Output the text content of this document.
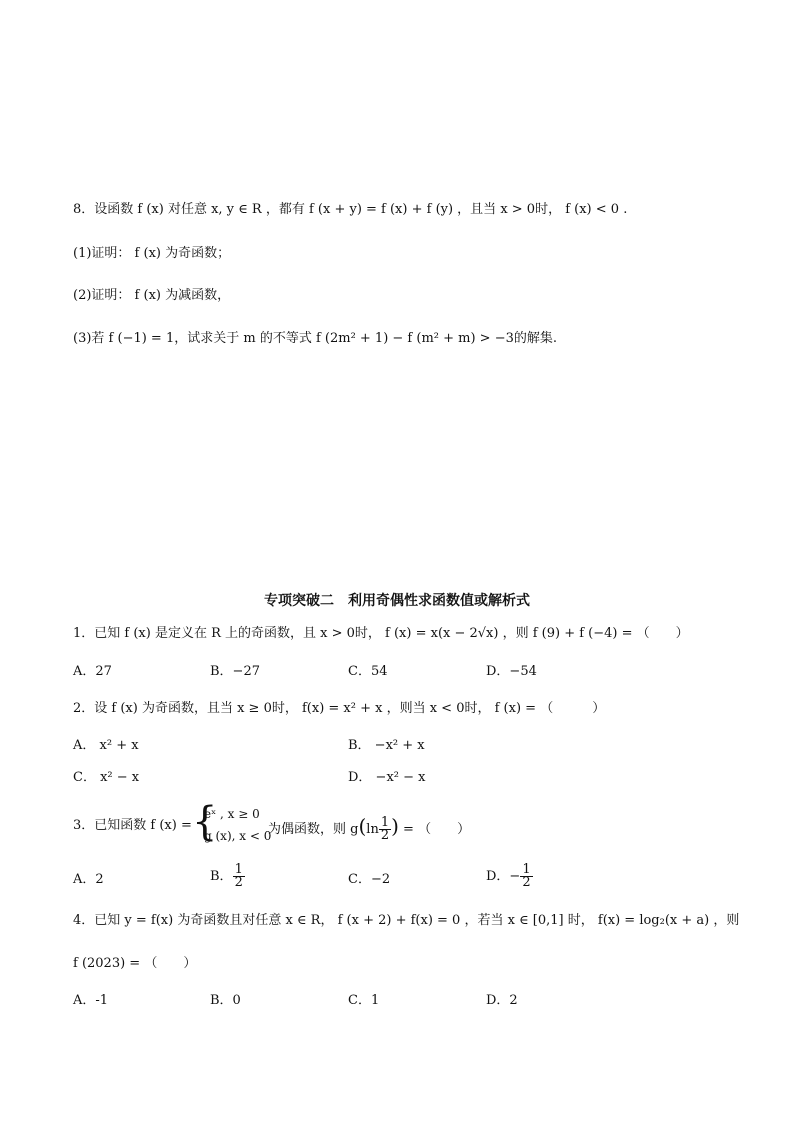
8．设函数 f (x) 对任意 x, y ∈ R ，都有 f (x + y) = f (x) + f (y) ，且当 x > 0时， f (x) < 0 .
(1)证明： f (x) 为奇函数；
(2)证明： f (x) 为减函数，
(3)若 f (−1) = 1，试求关于 m 的不等式 f (2m² + 1) − f (m² + m) > −3的解集.
专项突破二　利用奇偶性求函数值或解析式
1．已知 f (x) 是定义在 R 上的奇函数，且 x > 0时， f (x) = x(x − 2√x) ，则 f (9) + f (−4) = （　　）
A．27	B．−27	C．54	D．−54
2．设 f (x) 为奇函数，且当 x ≥ 0时， f(x) = x² + x ，则当 x < 0时， f (x) = （　　　）
A． x² + x	B． −x² + x
C． x² − x	D． −x² − x
3．已知函数 f (x) = {
eˣ , x ≥ 0
g (x), x < 0
为偶函数，则 $g(\ln \frac{1}{2}$ ) = （　　）
A．2	B． $\frac{1}{2}$	C．−2	D．− $\frac{1}{2}$
4．已知 y = f(x) 为奇函数且对任意 x ∈ R， f (x + 2) + f(x) = 0 ，若当 x ∈ [0,1] 时， f(x) = log₂(x + a) ，则
f (2023) = （　　）
A．-1	B．0	C．1	D．2
